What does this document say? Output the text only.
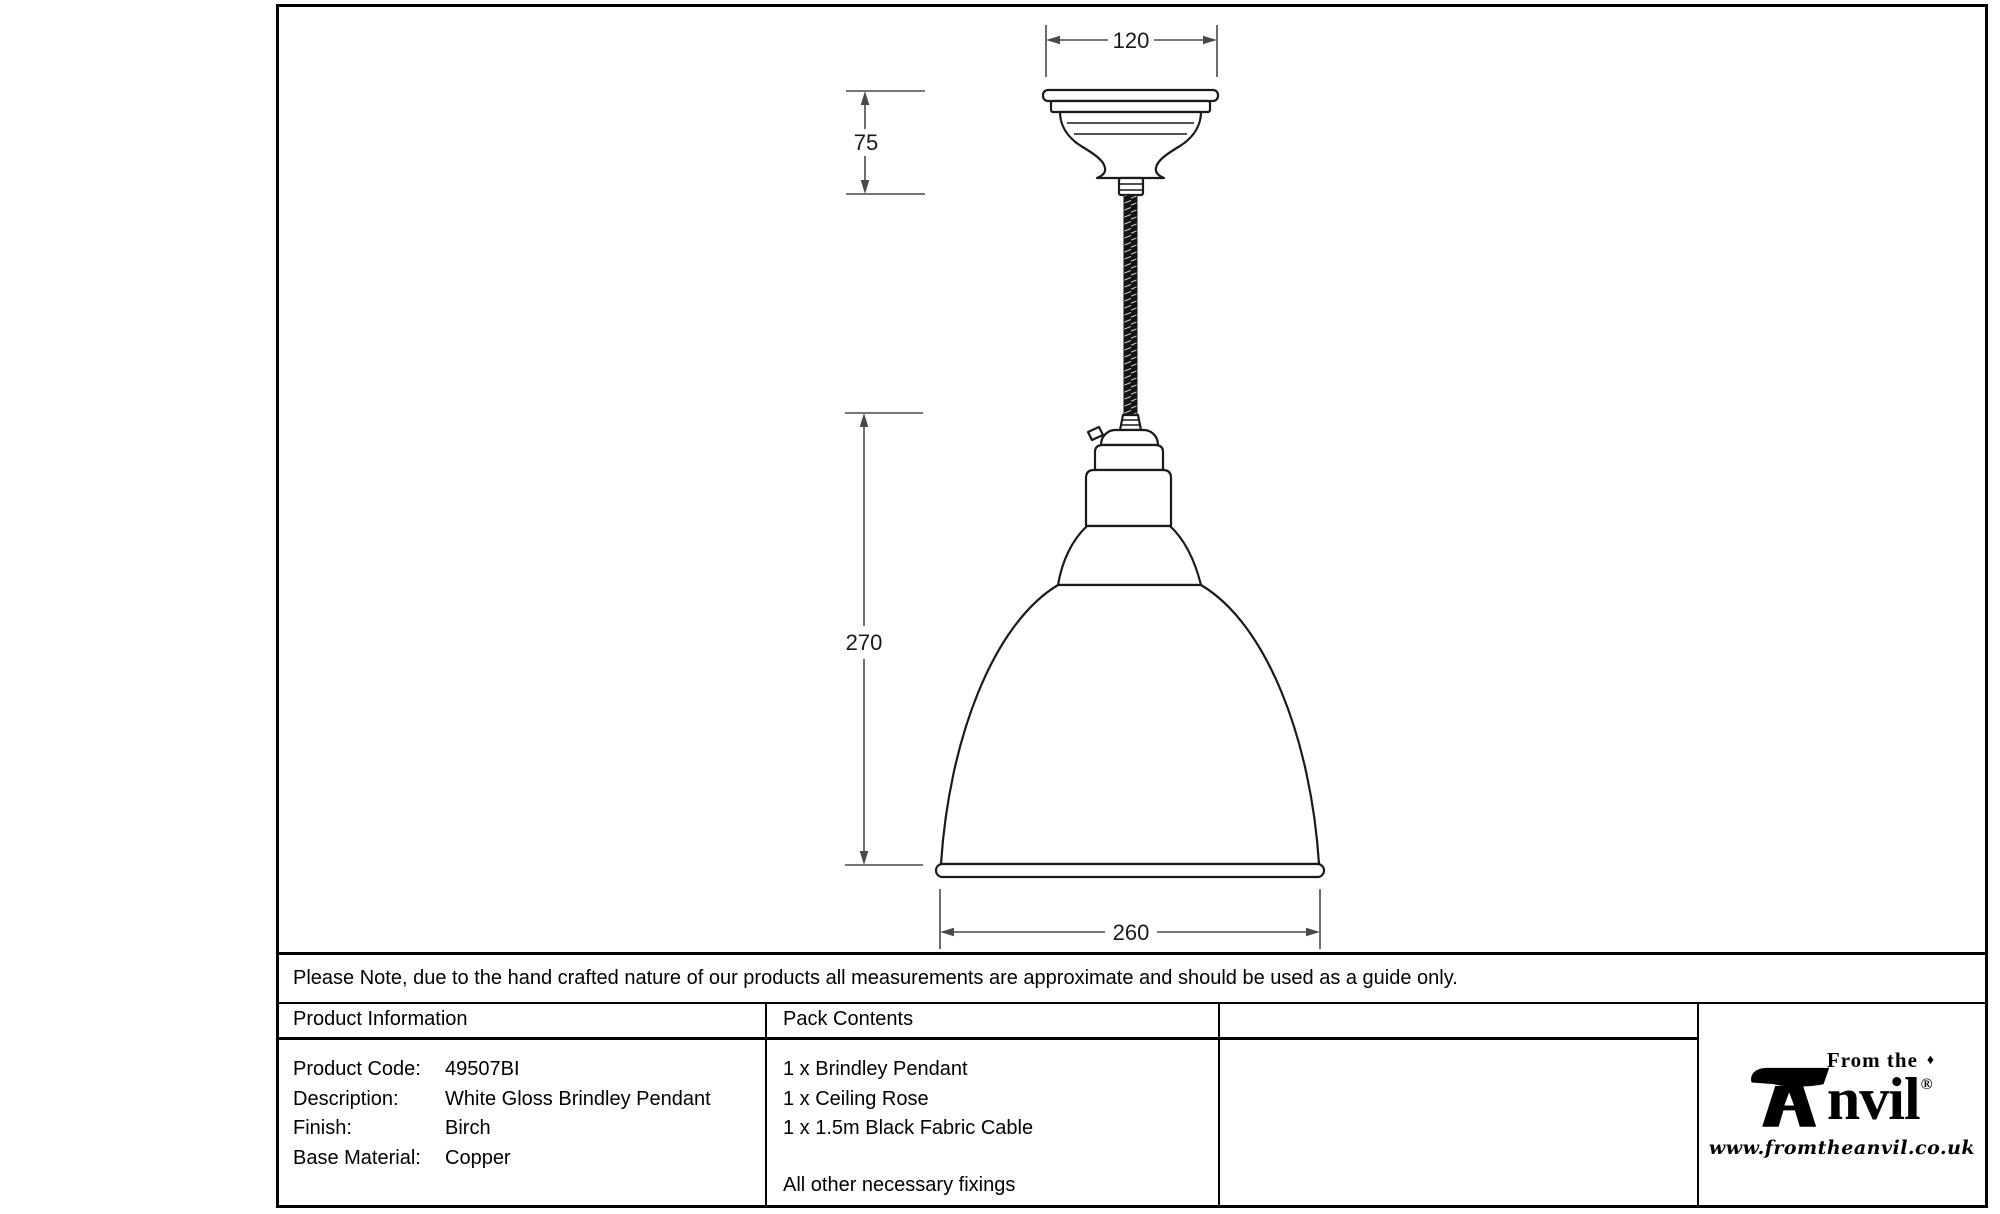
120
75
270
260
Please Note, due to the hand crafted nature of our products all measurements are approximate and should be used as a guide only.
Product Information	Pack Contents
Product Code:	49507BI
Description:	White Gloss Brindley Pendant
Finish:	Birch
Base Material:	Copper
1 x Brindley Pendant
1 x Ceiling Rose
1 x 1.5m Black Fabric Cable
All other necessary fixings
From the ♦
nvil®
www.fromtheanvil.co.uk
